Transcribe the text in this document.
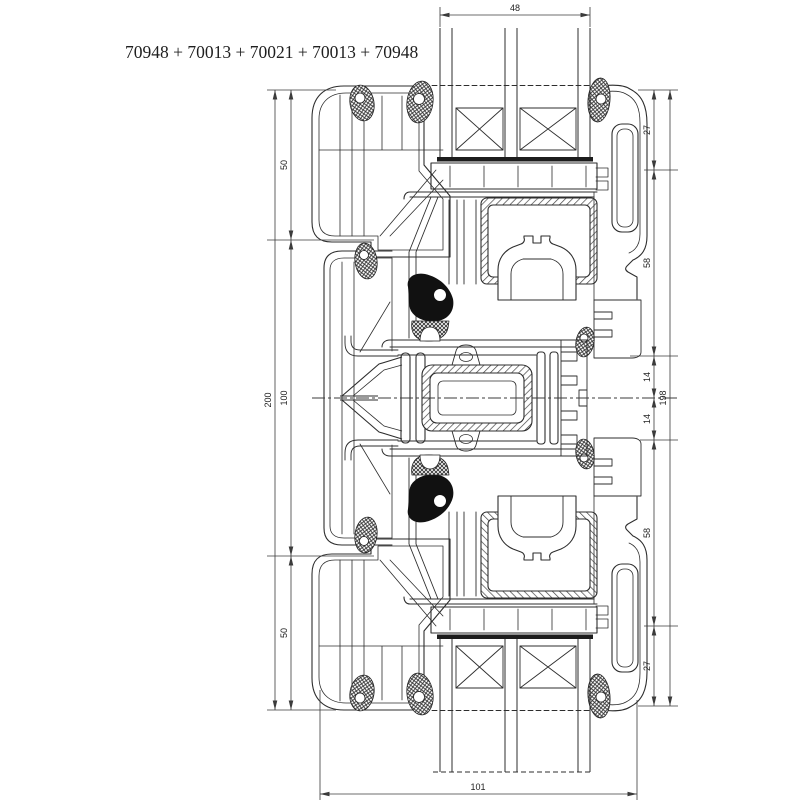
48
101
200
50
100
50
198
27
58
14
14
58
27
70948 + 70013 + 70021 + 70013 + 70948
